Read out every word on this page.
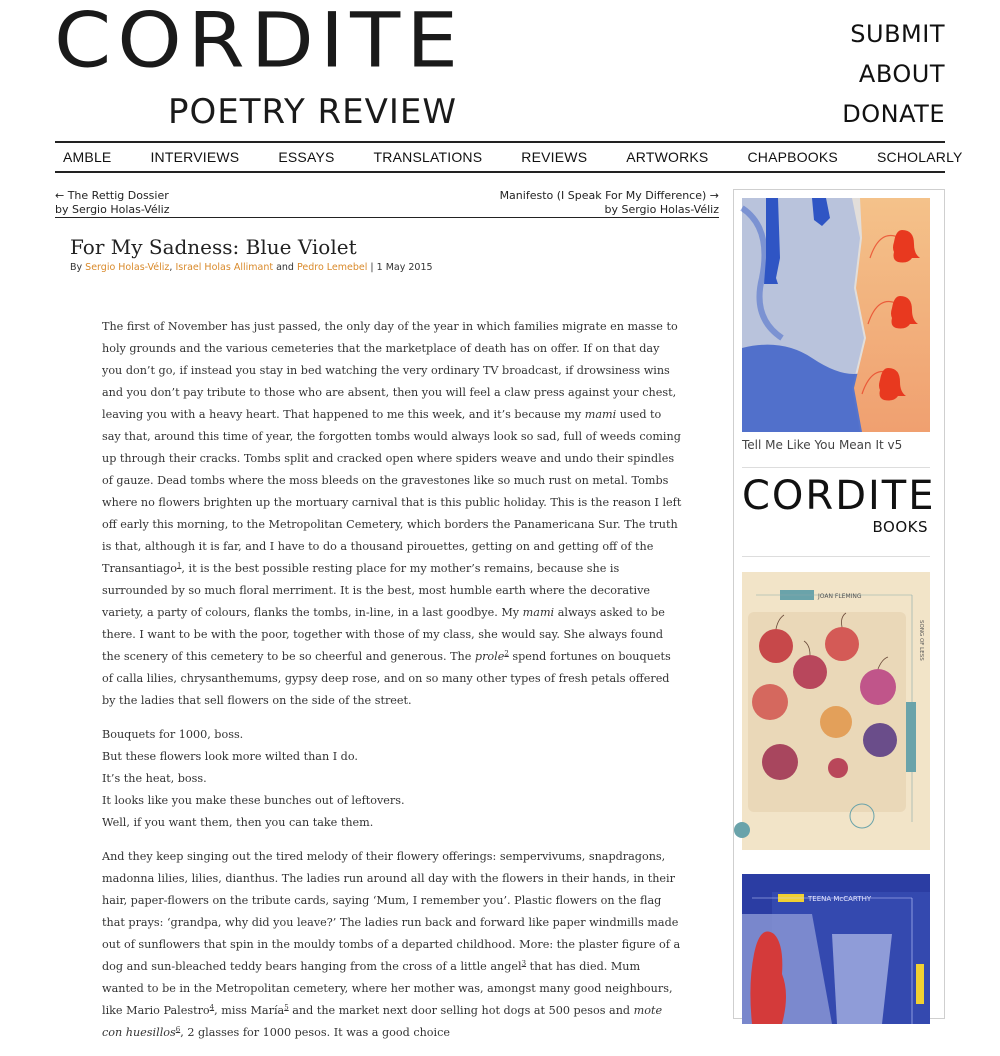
CORDITE
POETRY REVIEW
SUBMIT
ABOUT
DONATE
AMBLE	INTERVIEWS	ESSAYS	TRANSLATIONS	REVIEWS	ARTWORKS	CHAPBOOKS	SCHOLARLY
← The Rettig Dossier
by Sergio Holas-Véliz
Manifesto (I Speak For My Difference) →
by Sergio Holas-Véliz
For My Sadness: Blue Violet
By Sergio Holas-Véliz, Israel Holas Allimant and Pedro Lemebel | 1 May 2015

The first of November has just passed, the only day of the year in which families migrate en masse to holy grounds and the various cemeteries that the marketplace of death has on offer. If on that day you don’t go, if instead you stay in bed watching the very ordinary TV broadcast, if drowsiness wins and you don’t pay tribute to those who are absent, then you will feel a claw press against your chest, leaving you with a heavy heart. That happened to me this week, and it’s because my mami used to say that, around this time of year, the forgotten tombs would always look so sad, full of weeds coming up through their cracks. Tombs split and cracked open where spiders weave and undo their spindles of gauze. Dead tombs where the moss bleeds on the gravestones like so much rust on metal. Tombs where no flowers brighten up the mortuary carnival that is this public holiday. This is the reason I left off early this morning, to the Metropolitan Cemetery, which borders the Panamericana Sur. The truth is that, although it is far, and I have to do a thousand pirouettes, getting on and getting off of the Transantiago$^1$, it is the best possible resting place for my mother’s remains, because she is surrounded by so much floral merriment. It is the best, most humble earth where the decorative variety, a party of colours, flanks the tombs, in-line, in a last goodbye. My mami always asked to be there. I want to be with the poor, together with those of my class, she would say. She always found the scenery of this cemetery to be so cheerful and generous. The prole$^2$ spend fortunes on bouquets of calla lilies, chrysanthemums, gypsy deep rose, and on so many other types of fresh petals offered by the ladies that sell flowers on the side of the street.

Bouquets for 1000, boss.

But these flowers look more wilted than I do.

It’s the heat, boss.

It looks like you make these bunches out of leftovers.

Well, if you want them, then you can take them.

And they keep singing out the tired melody of their flowery offerings: sempervivums, snapdragons, madonna lilies, lilies, dianthus. The ladies run around all day with the flowers in their hands, in their hair, paper-flowers on the tribute cards, saying ‘Mum, I remember you’. Plastic flowers on the flag that prays: ‘grandpa, why did you leave?’ The ladies run back and forward like paper windmills made out of sunflowers that spin in the mouldy tombs of a departed childhood. More: the plaster figure of a dog and sun-bleached teddy bears hanging from the cross of a little angel$^3$ that has died. Mum wanted to be in the Metropolitan cemetery, where her mother was, amongst many good neighbours, like Mario Palestro$^4$, miss María$^5$ and the market next door selling hot dogs at 500 pesos and mote con huesillos$^6$, 2 glasses for 1000 pesos. It was a good choice

Tell Me Like You Mean It v5
CORDITE
BOOKS
JOAN FLEMING
SONG OF LESS
TEENA McCARTHY
